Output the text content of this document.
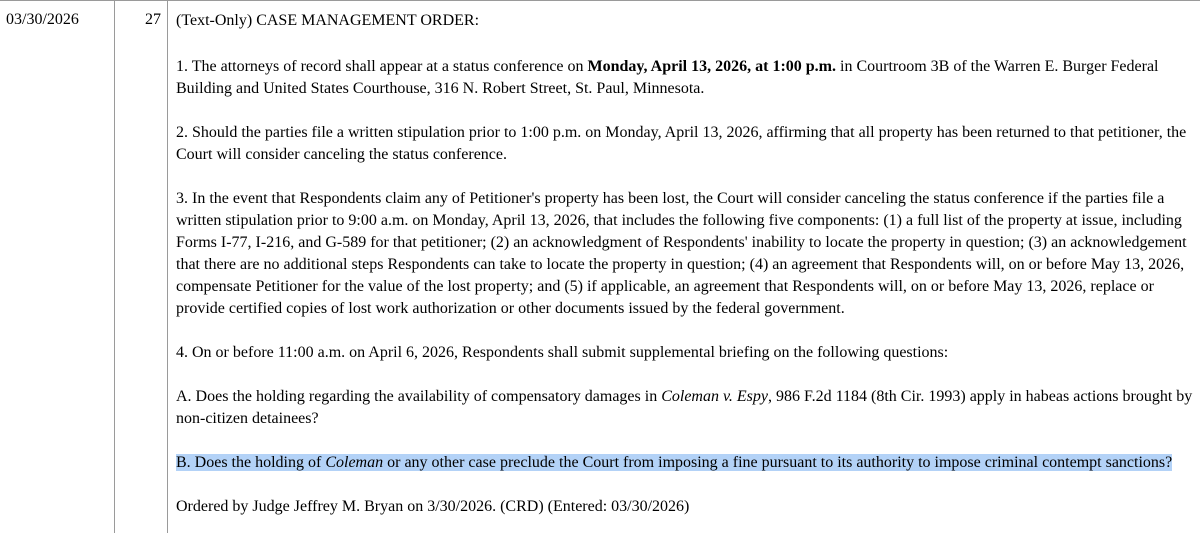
03/30/2026	27 (Text-Only) CASE MANAGEMENT ORDER:

1. The attorneys of record shall appear at a status conference on Monday, April 13, 2026, at 1:00 p.m. in Courtroom 3B of the Warren E. Burger Federal Building and United States Courthouse, 316 N. Robert Street, St. Paul, Minnesota.

2. Should the parties file a written stipulation prior to 1:00 p.m. on Monday, April 13, 2026, affirming that all property has been returned to that petitioner, the Court will consider canceling the status conference.

3. In the event that Respondents claim any of Petitioner's property has been lost, the Court will consider canceling the status conference if the parties file a written stipulation prior to 9:00 a.m. on Monday, April 13, 2026, that includes the following five components: (1) a full list of the property at issue, including Forms I-77, I-216, and G-589 for that petitioner; (2) an acknowledgment of Respondents' inability to locate the property in question; (3) an acknowledgement that there are no additional steps Respondents can take to locate the property in question; (4) an agreement that Respondents will, on or before May 13, 2026, compensate Petitioner for the value of the lost property; and (5) if applicable, an agreement that Respondents will, on or before May 13, 2026, replace or provide certified copies of lost work authorization or other documents issued by the federal government.

4. On or before 11:00 a.m. on April 6, 2026, Respondents shall submit supplemental briefing on the following questions:

A. Does the holding regarding the availability of compensatory damages in Coleman v. Espy, 986 F.2d 1184 (8th Cir. 1993) apply in habeas actions brought by non-citizen detainees?

B. Does the holding of Coleman or any other case preclude the Court from imposing a fine pursuant to its authority to impose criminal contempt sanctions?

Ordered by Judge Jeffrey M. Bryan on 3/30/2026. (CRD) (Entered: 03/30/2026)
